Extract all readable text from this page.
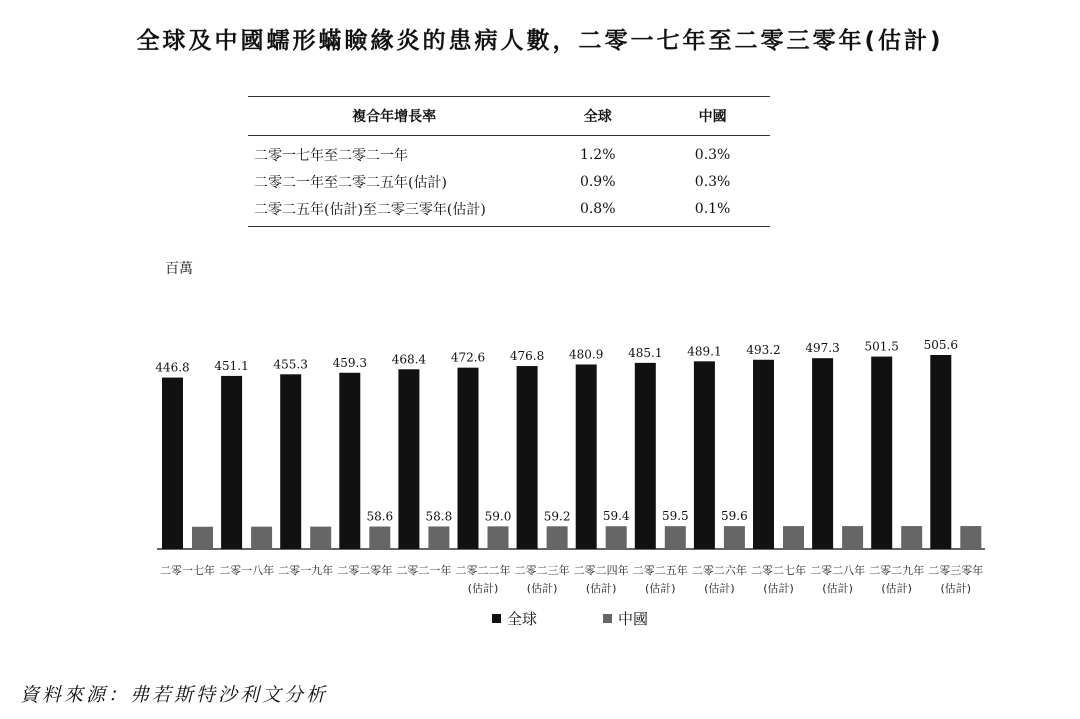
全球及中國蠕形蟎瞼緣炎的患病人數，二零一七年至二零三零年(估計)
複合年增長率	全球	中國
二零一七年至二零二一年	1.2%	0.3%
二零二一年至二零二五年(估計)	0.9%	0.3%
二零二五年(估計)至二零三零年(估計)	0.8%	0.1%
百萬
446.8
二零一七年
451.1
二零一八年
455.3
二零一九年
459.3
58.6
二零二零年
468.4
58.8
二零二一年
472.6
59.0
二零二二年
(估計)
476.8
59.2
二零二三年
(估計)
480.9
59.4
二零二四年
(估計)
485.1
59.5
二零二五年
(估計)
489.1
59.6
二零二六年
(估計)
493.2
二零二七年
(估計)
497.3
二零二八年
(估計)
501.5
二零二九年
(估計)
505.6
二零三零年
(估計)
全球	中國
資料來源：弗若斯特沙利文分析
